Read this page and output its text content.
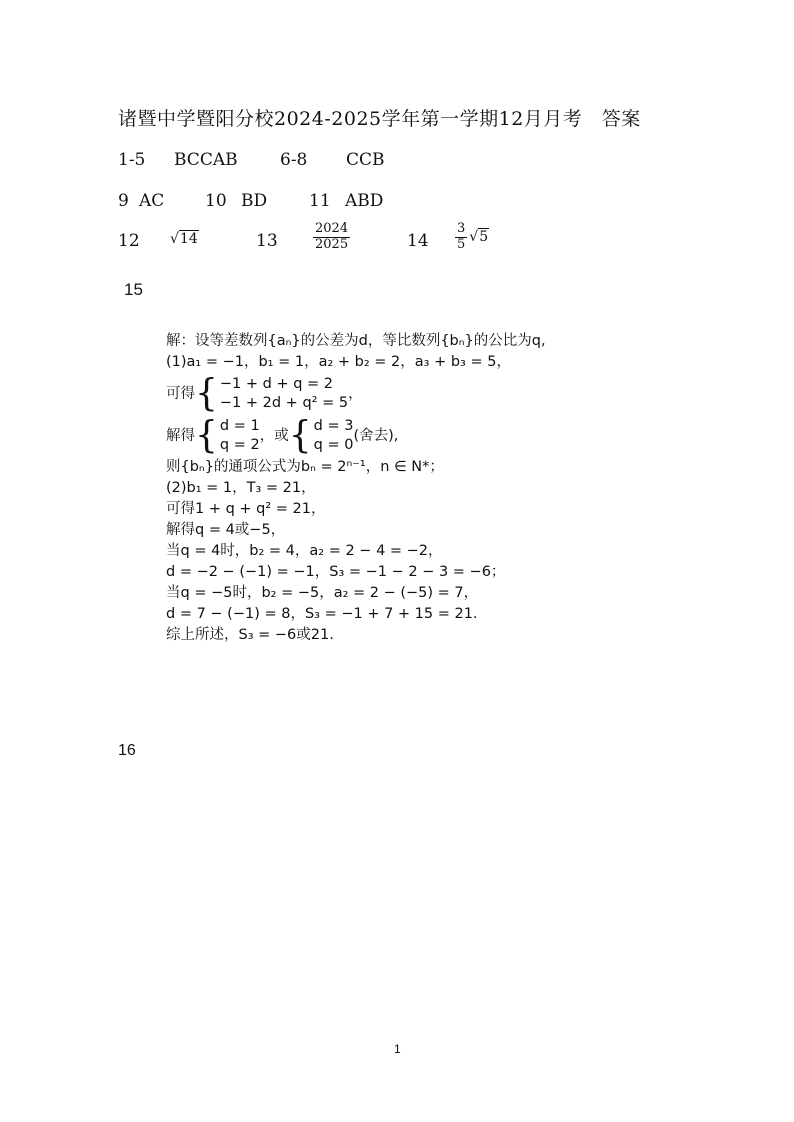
诸暨中学暨阳分校2024-2025学年第一学期12月月考　答案
1-5 BCCAB 6-8 CCB
9 AC 10 BD 11 ABD
12 √14	13	$\frac{2024}{2025}$	$14 \frac{3}{5} √5$
15
解：设等差数列{aₙ}的公差为d，等比数列{bₙ}的公比为q,
(1)a₁ = −1，b₁ = 1，a₂ + b₂ = 2，a₃ + b₃ = 5，
可得 { −1 + d + q = 2
−1 + 2d + q² = 5
，
解得 { d = 1
q = 2
，或 { d = 3
q = 0
(舍去),
则{bₙ}的通项公式为bₙ = 2ⁿ⁻¹，n ∈ N*；
(2)b₁ = 1，T₃ = 21，
可得1 + q + q² = 21，
解得q = 4或−5，
当q = 4时，b₂ = 4，a₂ = 2 − 4 = −2，
d = −2 − (−1) = −1，S₃ = −1 − 2 − 3 = −6；
当q = −5时，b₂ = −5，a₂ = 2 − (−5) = 7，
d = 7 − (−1) = 8，S₃ = −1 + 7 + 15 = 21.
综上所述，S₃ = −6或21.
16
1
